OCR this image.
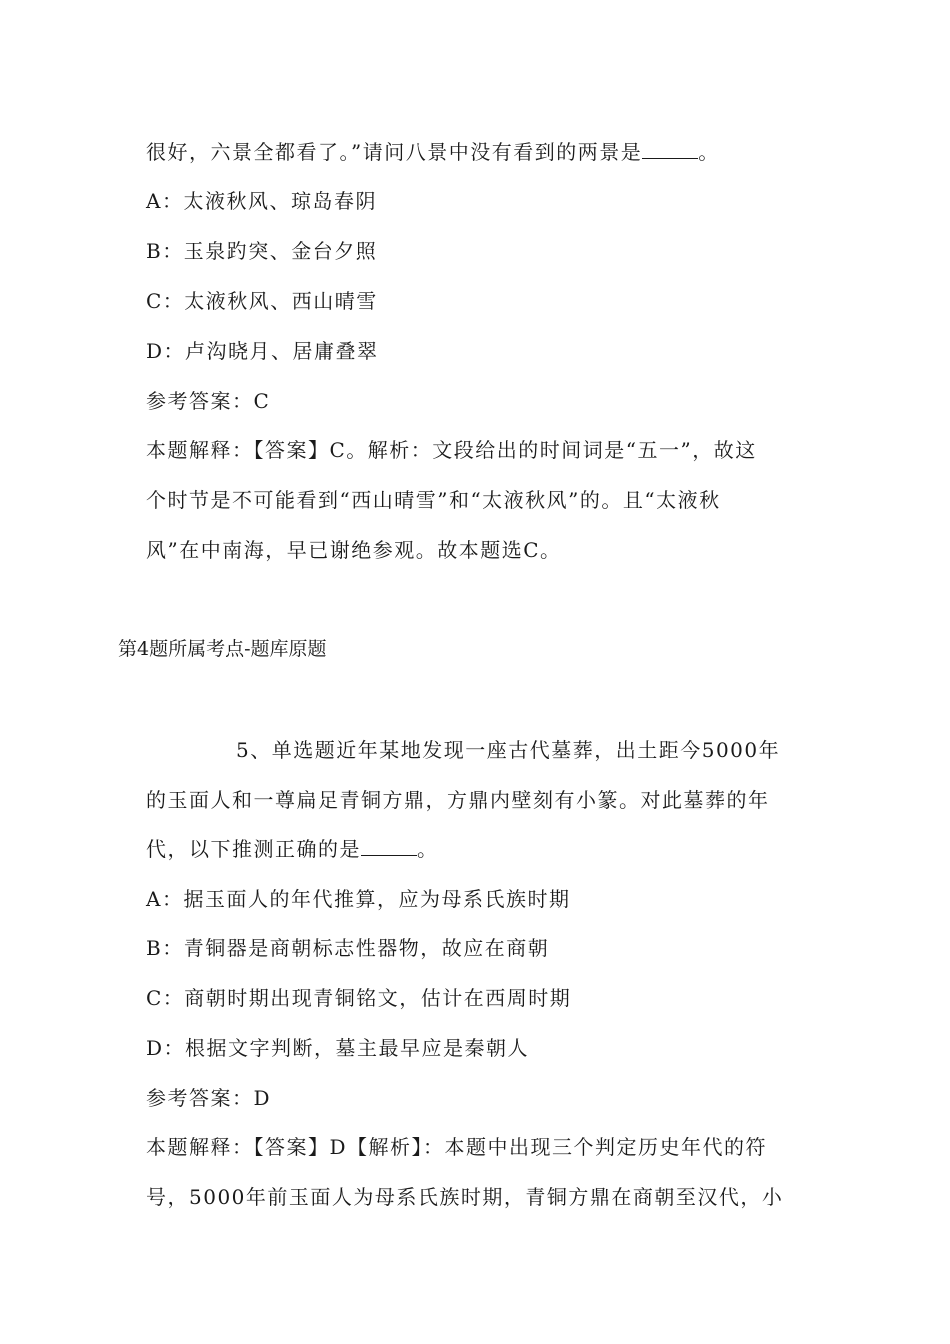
很好，六景全都看了。”请问八景中没有看到的两景是	。
A：太液秋风、琼岛春阴
B：玉泉趵突、金台夕照
C：太液秋风、西山晴雪
D：卢沟晓月、居庸叠翠
参考答案：C
本题解释：【答案】C。解析：文段给出的时间词是“五一”，故这
个时节是不可能看到“西山晴雪”和“太液秋风”的。且“太液秋
风”在中南海，早已谢绝参观。故本题选C。
第4题所属考点-题库原题
5、单选题近年某地发现一座古代墓葬，出土距今5000年
的玉面人和一尊扁足青铜方鼎，方鼎内壁刻有小篆。对此墓葬的年
代，以下推测正确的是	。
A：据玉面人的年代推算，应为母系氏族时期
B：青铜器是商朝标志性器物，故应在商朝
C：商朝时期出现青铜铭文，估计在西周时期
D：根据文字判断，墓主最早应是秦朝人
参考答案：D
本题解释：【答案】D【解析】：本题中出现三个判定历史年代的符
号，5000年前玉面人为母系氏族时期，青铜方鼎在商朝至汉代，小
